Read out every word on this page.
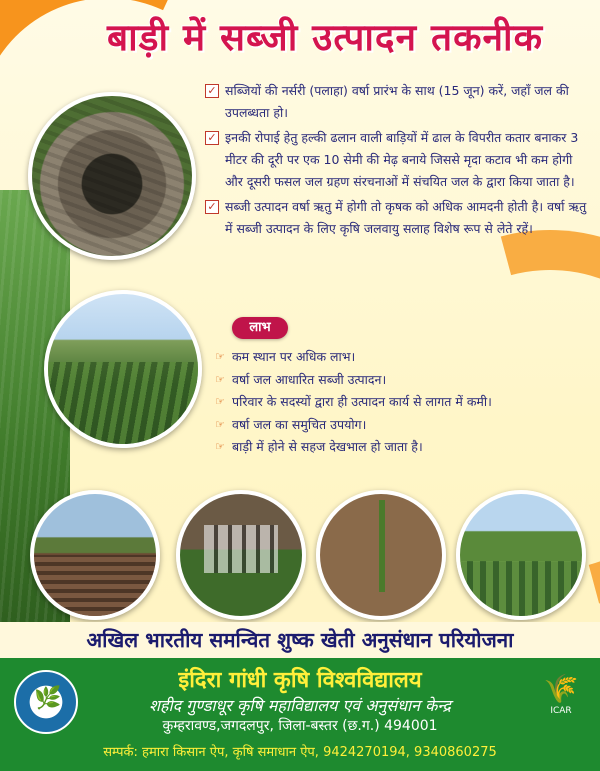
बाड़ी में सब्जी उत्पादन तकनीक
✓ सब्जियों की नर्सरी (पलाहा) वर्षा प्रारंभ के साथ (15 जून) करें, जहाँ जल की उपलब्धता हो।
✓ इनकी रोपाई हेतु हल्की ढलान वाली बाड़ियों में ढाल के विपरीत कतार बनाकर 3 मीटर की दूरी पर एक 10 सेमी की मेढ़ बनाये जिससे मृदा कटाव भी कम होगी और दूसरी फसल जल ग्रहण संरचनाओं में संचयित जल के द्वारा किया जाता है।
✓ सब्जी उत्पादन वर्षा ऋतु में होगी तो कृषक को अधिक आमदनी होती है। वर्षा ऋतु में सब्जी उत्पादन के लिए कृषि जलवायु सलाह विशेष रूप से लेते रहें।
लाभ
☞ कम स्थान पर अधिक लाभ।
☞ वर्षा जल आधारित सब्जी उत्पादन।
☞ परिवार के सदस्यों द्वारा ही उत्पादन कार्य से लागत में कमी।
☞ वर्षा जल का समुचित उपयोग।
☞ बाड़ी में होने से सहज देखभाल हो जाता है।
अखिल भारतीय समन्वित शुष्क खेती अनुसंधान परियोजना
🌿
इंदिरा गांधी कृषि विश्वविद्यालय
शहीद गुण्डाधूर कृषि महाविद्यालय एवं अनुसंधान केन्द्र
कुम्हरावण्ड,जगदलपुर, जिला-बस्तर (छ.ग.) 494001
सम्पर्क: हमारा किसान ऐप, कृषि समाधान ऐप, 9424270194, 9340860275
🌾
ICAR
